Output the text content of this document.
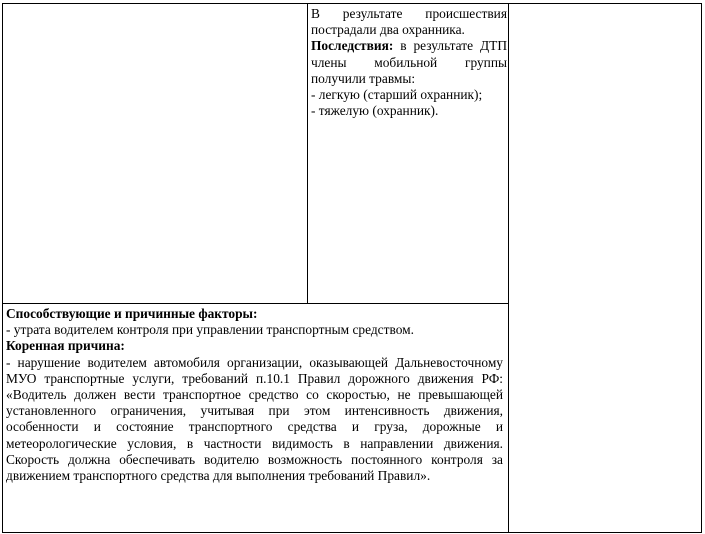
В результате происшествия пострадали два охранника.

Последствия: в результате ДТП члены мобильной группы получили травмы:

- легкую (старший охранник);

- тяжелую (охранник).

Способствующие и причинные факторы:

- утрата водителем контроля при управлении транспортным средством.

Коренная причина:

- нарушение водителем автомобиля организации, оказывающей Дальневосточному МУО транспортные услуги, требований п.10.1 Правил дорожного движения РФ: «Водитель должен вести транспортное средство со скоростью, не превышающей установленного ограничения, учитывая при этом интенсивность движения, особенности и состояние транспортного средства и груза, дорожные и метеорологические условия, в частности видимость в направлении движения. Скорость должна обеспечивать водителю возможность постоянного контроля за движением транспортного средства для выполнения требований Правил».
